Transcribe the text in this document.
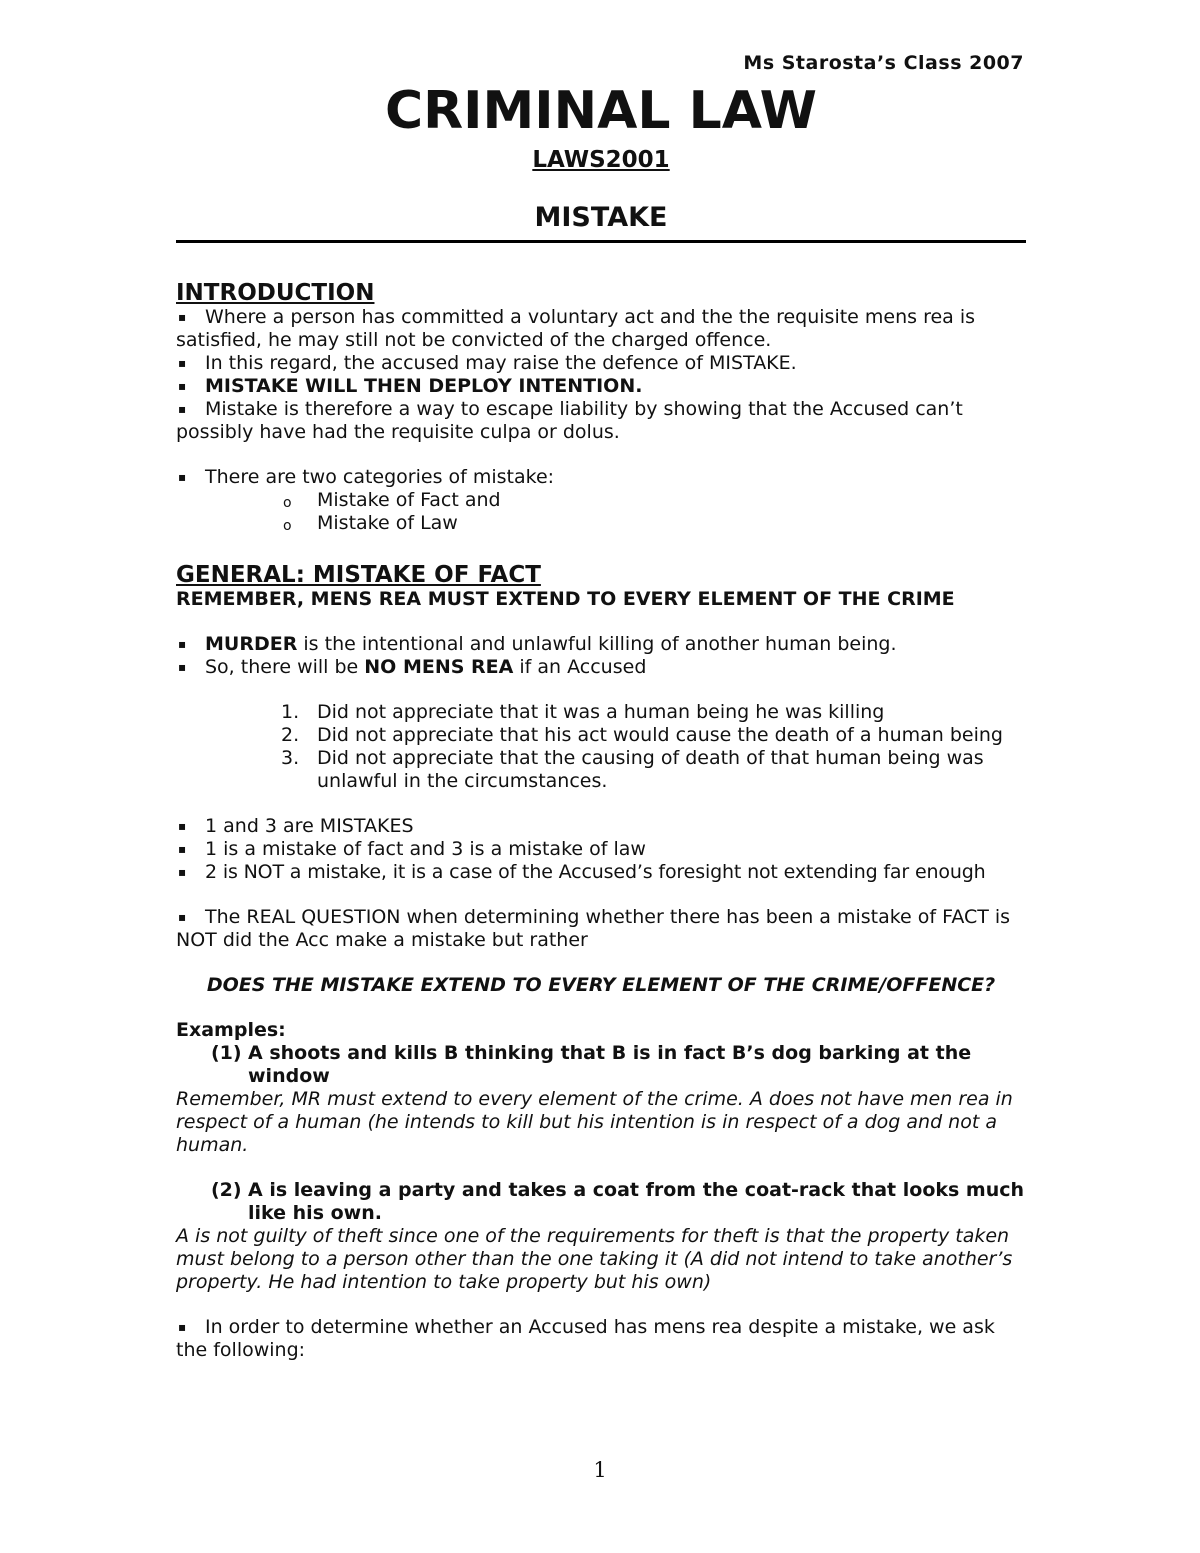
Ms Starosta’s Class 2007
CRIMINAL LAW
LAWS2001
MISTAKE
INTRODUCTION

▪ Where a person has committed a voluntary act and the the requisite mens rea is satisfied, he may still not be convicted of the charged offence.

▪ In this regard, the accused may raise the defence of MISTAKE.

▪ MISTAKE WILL THEN DEPLOY INTENTION.

▪ Mistake is therefore a way to escape liability by showing that the Accused can’t possibly have had the requisite culpa or dolus.

▪ There are two categories of mistake:

o Mistake of Fact and

o Mistake of Law

GENERAL: MISTAKE OF FACT

REMEMBER, MENS REA MUST EXTEND TO EVERY ELEMENT OF THE CRIME

▪ MURDER is the intentional and unlawful killing of another human being.

▪ So, there will be NO MENS REA if an Accused

1. Did not appreciate that it was a human being he was killing

2. Did not appreciate that his act would cause the death of a human being

3. Did not appreciate that the causing of death of that human being was unlawful in the circumstances.

▪ 1 and 3 are MISTAKES

▪ 1 is a mistake of fact and 3 is a mistake of law

▪ 2 is NOT a mistake, it is a case of the Accused’s foresight not extending far enough

▪ The REAL QUESTION when determining whether there has been a mistake of FACT is NOT did the Acc make a mistake but rather

DOES THE MISTAKE EXTEND TO EVERY ELEMENT OF THE CRIME/OFFENCE?

Examples:

(1) A shoots and kills B thinking that B is in fact B’s dog barking at the window

Remember, MR must extend to every element of the crime. A does not have men rea in respect of a human (he intends to kill but his intention is in respect of a dog and not a human.

(2) A is leaving a party and takes a coat from the coat-rack that looks much like his own.

A is not guilty of theft since one of the requirements for theft is that the property taken must belong to a person other than the one taking it (A did not intend to take another’s property. He had intention to take property but his own)

▪ In order to determine whether an Accused has mens rea despite a mistake, we ask the following:

1
